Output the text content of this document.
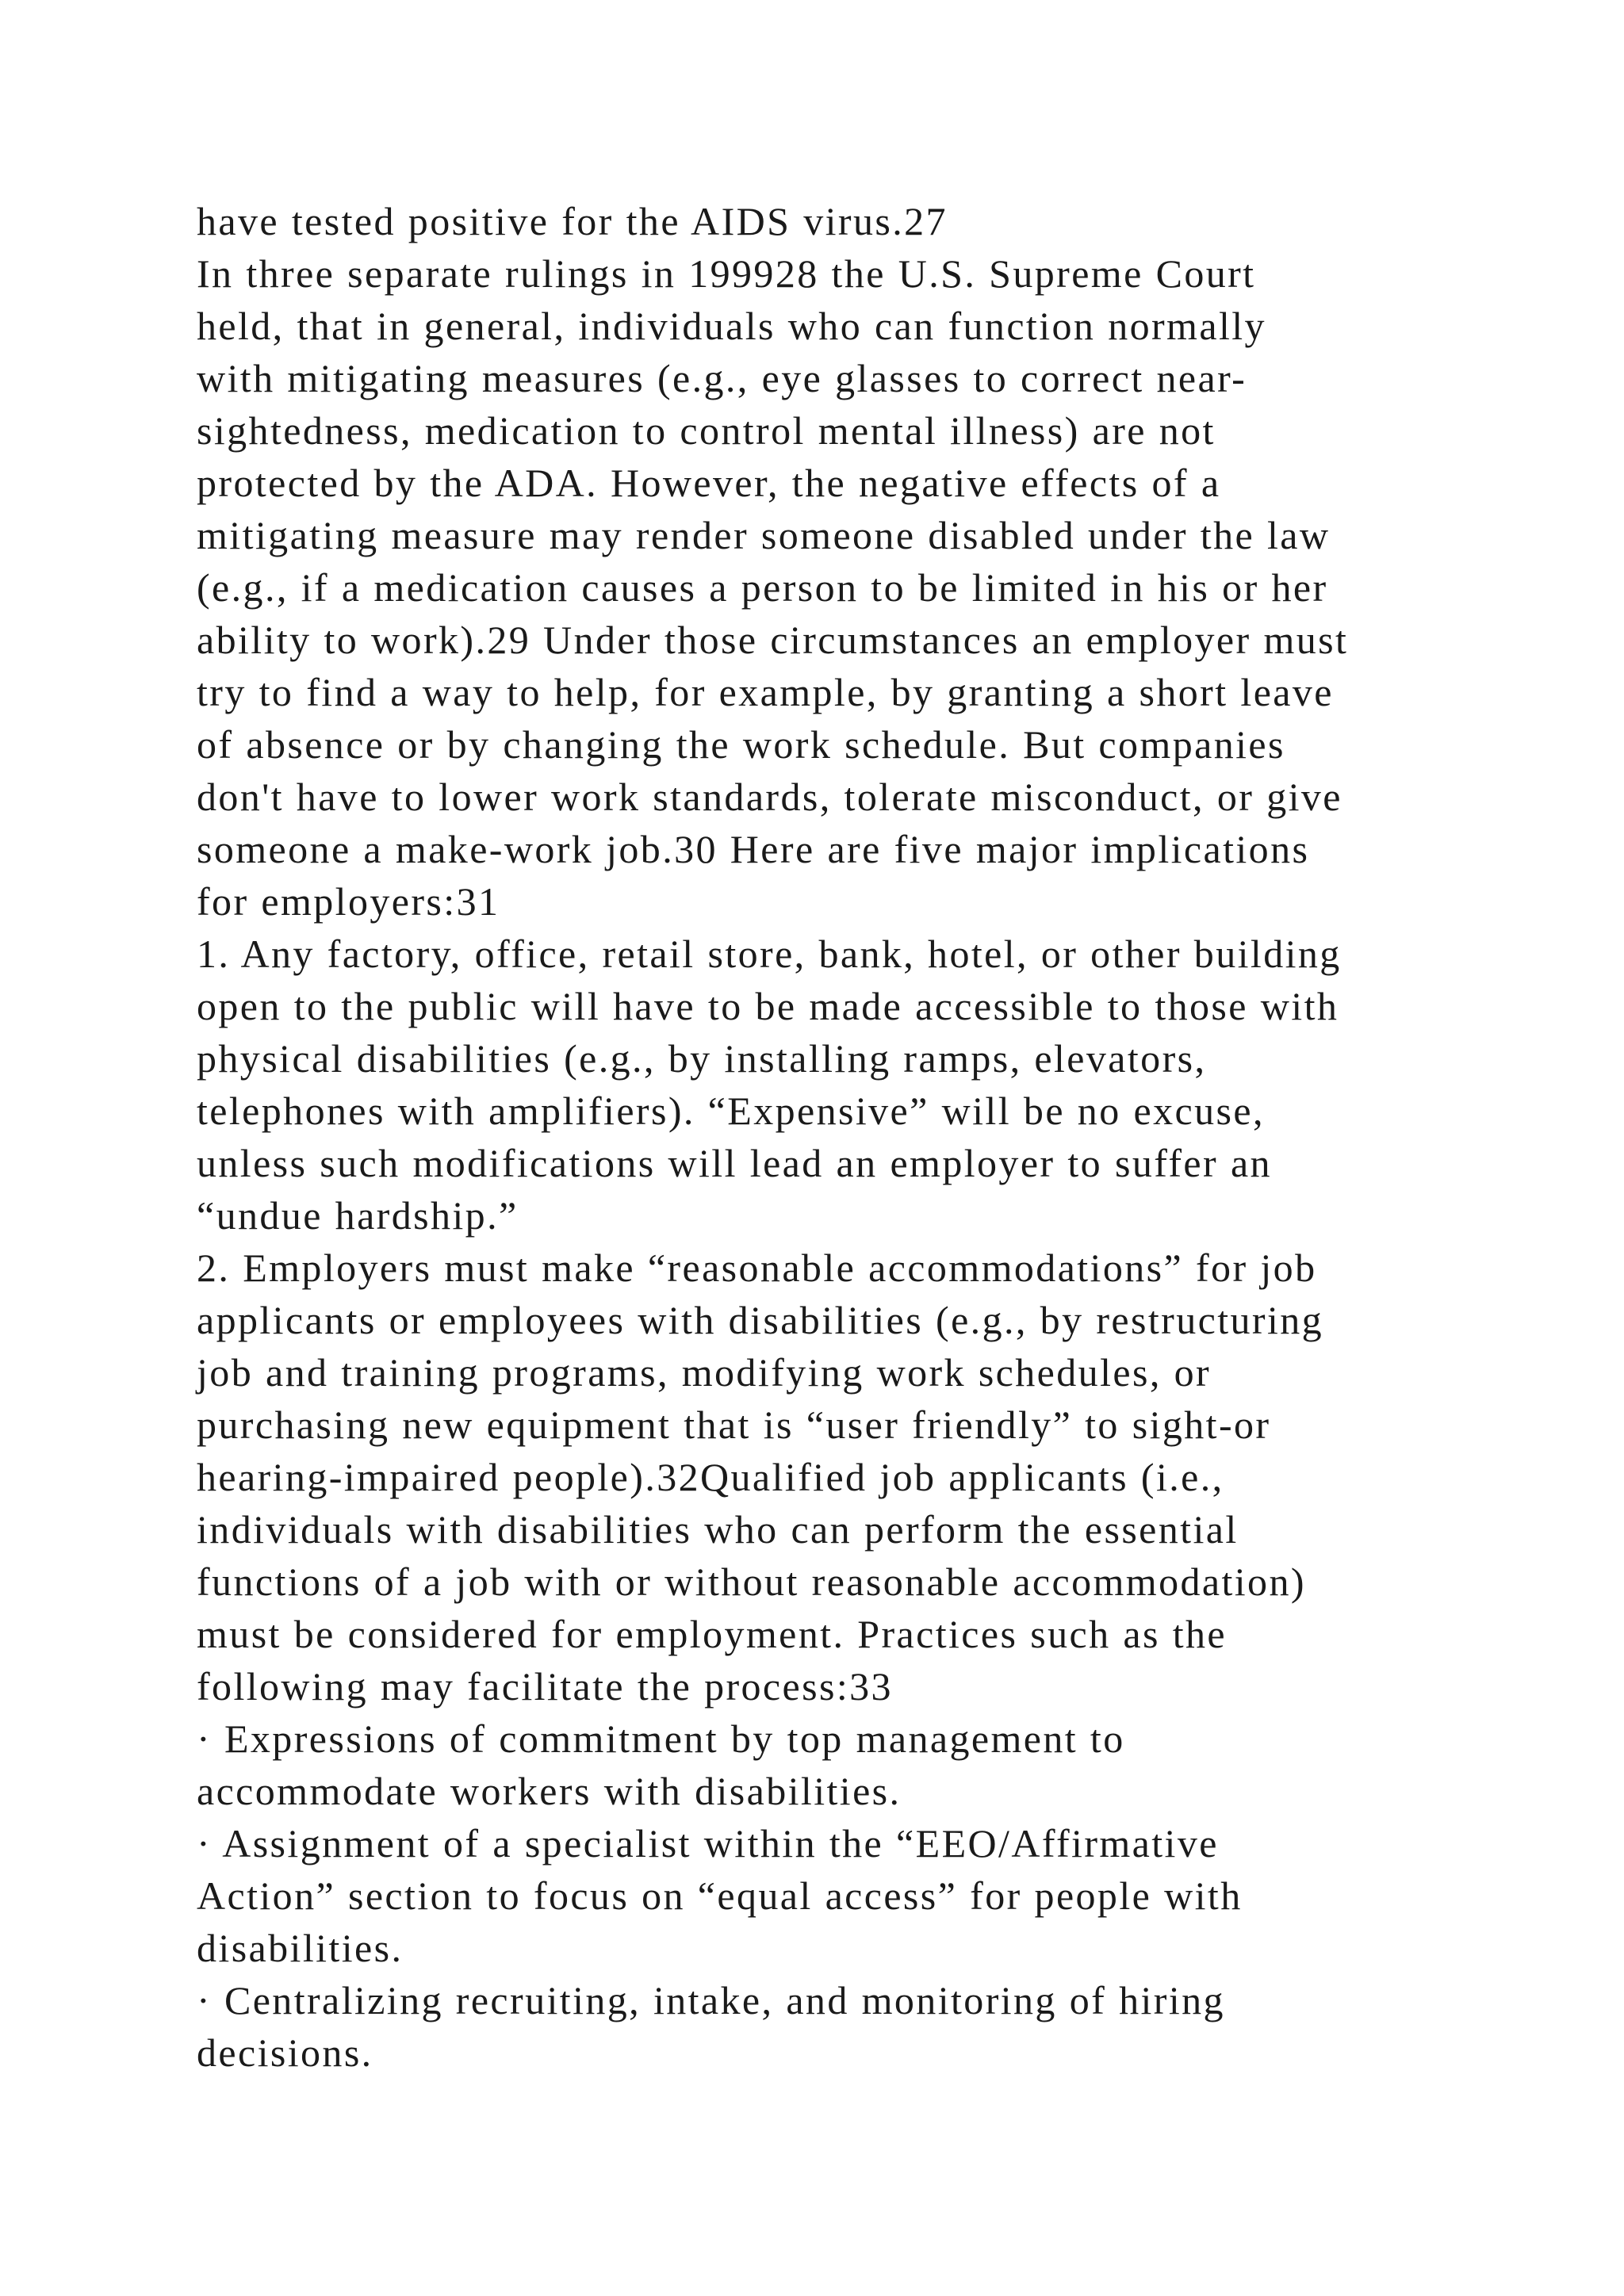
have tested positive for the AIDS virus.27
In three separate rulings in 199928 the U.S. Supreme Court
held, that in general, individuals who can function normally
with mitigating measures (e.g., eye glasses to correct near-
sightedness, medication to control mental illness) are not
protected by the ADA. However, the negative effects of a
mitigating measure may render someone disabled under the law
(e.g., if a medication causes a person to be limited in his or her
ability to work).29 Under those circumstances an employer must
try to find a way to help, for example, by granting a short leave
of absence or by changing the work schedule. But companies
don't have to lower work standards, tolerate misconduct, or give
someone a make-work job.30 Here are five major implications
for employers:31
1. Any factory, office, retail store, bank, hotel, or other building
open to the public will have to be made accessible to those with
physical disabilities (e.g., by installing ramps, elevators,
telephones with amplifiers). “Expensive” will be no excuse,
unless such modifications will lead an employer to suffer an
“undue hardship.”
2. Employers must make “reasonable accommodations” for job
applicants or employees with disabilities (e.g., by restructuring
job and training programs, modifying work schedules, or
purchasing new equipment that is “user friendly” to sight-or
hearing-impaired people).32Qualified job applicants (i.e.,
individuals with disabilities who can perform the essential
functions of a job with or without reasonable accommodation)
must be considered for employment. Practices such as the
following may facilitate the process:33
· Expressions of commitment by top management to
accommodate workers with disabilities.
· Assignment of a specialist within the “EEO/Affirmative
Action” section to focus on “equal access” for people with
disabilities.
· Centralizing recruiting, intake, and monitoring of hiring
decisions.
